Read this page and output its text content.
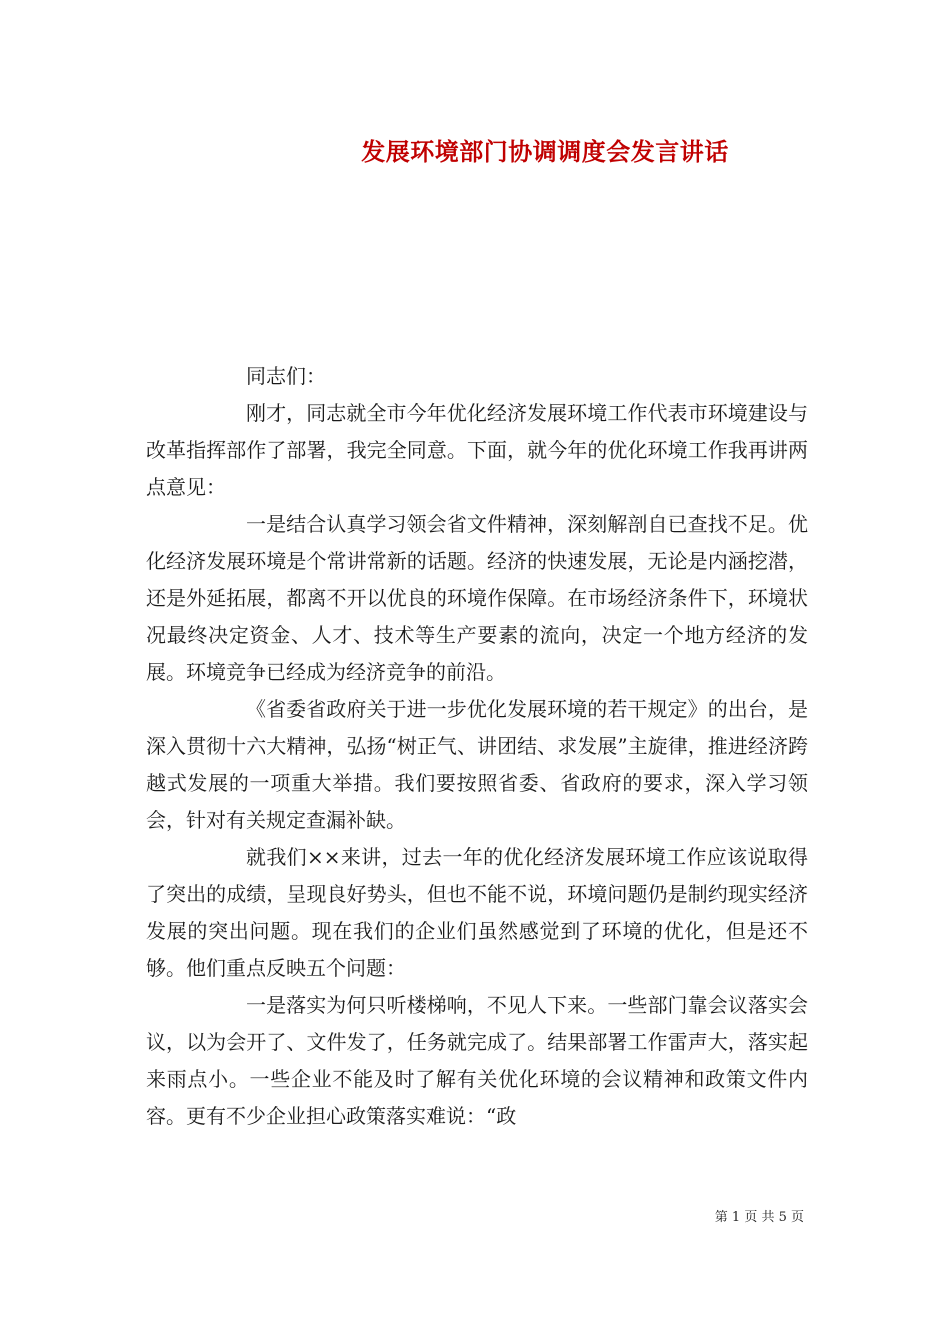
发展环境部门协调调度会发言讲话

同志们：

刚才，同志就全市今年优化经济发展环境工作代表市环境建设与改革指挥部作了部署，我完全同意。下面，就今年的优化环境工作我再讲两点意见：

一是结合认真学习领会省文件精神，深刻解剖自已查找不足。优化经济发展环境是个常讲常新的话题。经济的快速发展，无论是内涵挖潜，还是外延拓展，都离不开以优良的环境作保障。在市场经济条件下，环境状况最终决定资金、人才、技术等生产要素的流向，决定一个地方经济的发展。环境竞争已经成为经济竞争的前沿。

《省委省政府关于进一步优化发展环境的若干规定》的出台，是深入贯彻十六大精神，弘扬“树正气、讲团结、求发展”主旋律，推进经济跨越式发展的一项重大举措。我们要按照省委、省政府的要求，深入学习领会，针对有关规定查漏补缺。

就我们××来讲，过去一年的优化经济发展环境工作应该说取得了突出的成绩，呈现良好势头，但也不能不说，环境问题仍是制约现实经济发展的突出问题。现在我们的企业们虽然感觉到了环境的优化，但是还不够。他们重点反映五个问题：

一是落实为何只听楼梯响，不见人下来。一些部门靠会议落实会议，以为会开了、文件发了，任务就完成了。结果部署工作雷声大，落实起来雨点小。一些企业不能及时了解有关优化环境的会议精神和政策文件内容。更有不少企业担心政策落实难说：“政

第 1 页 共 5 页
